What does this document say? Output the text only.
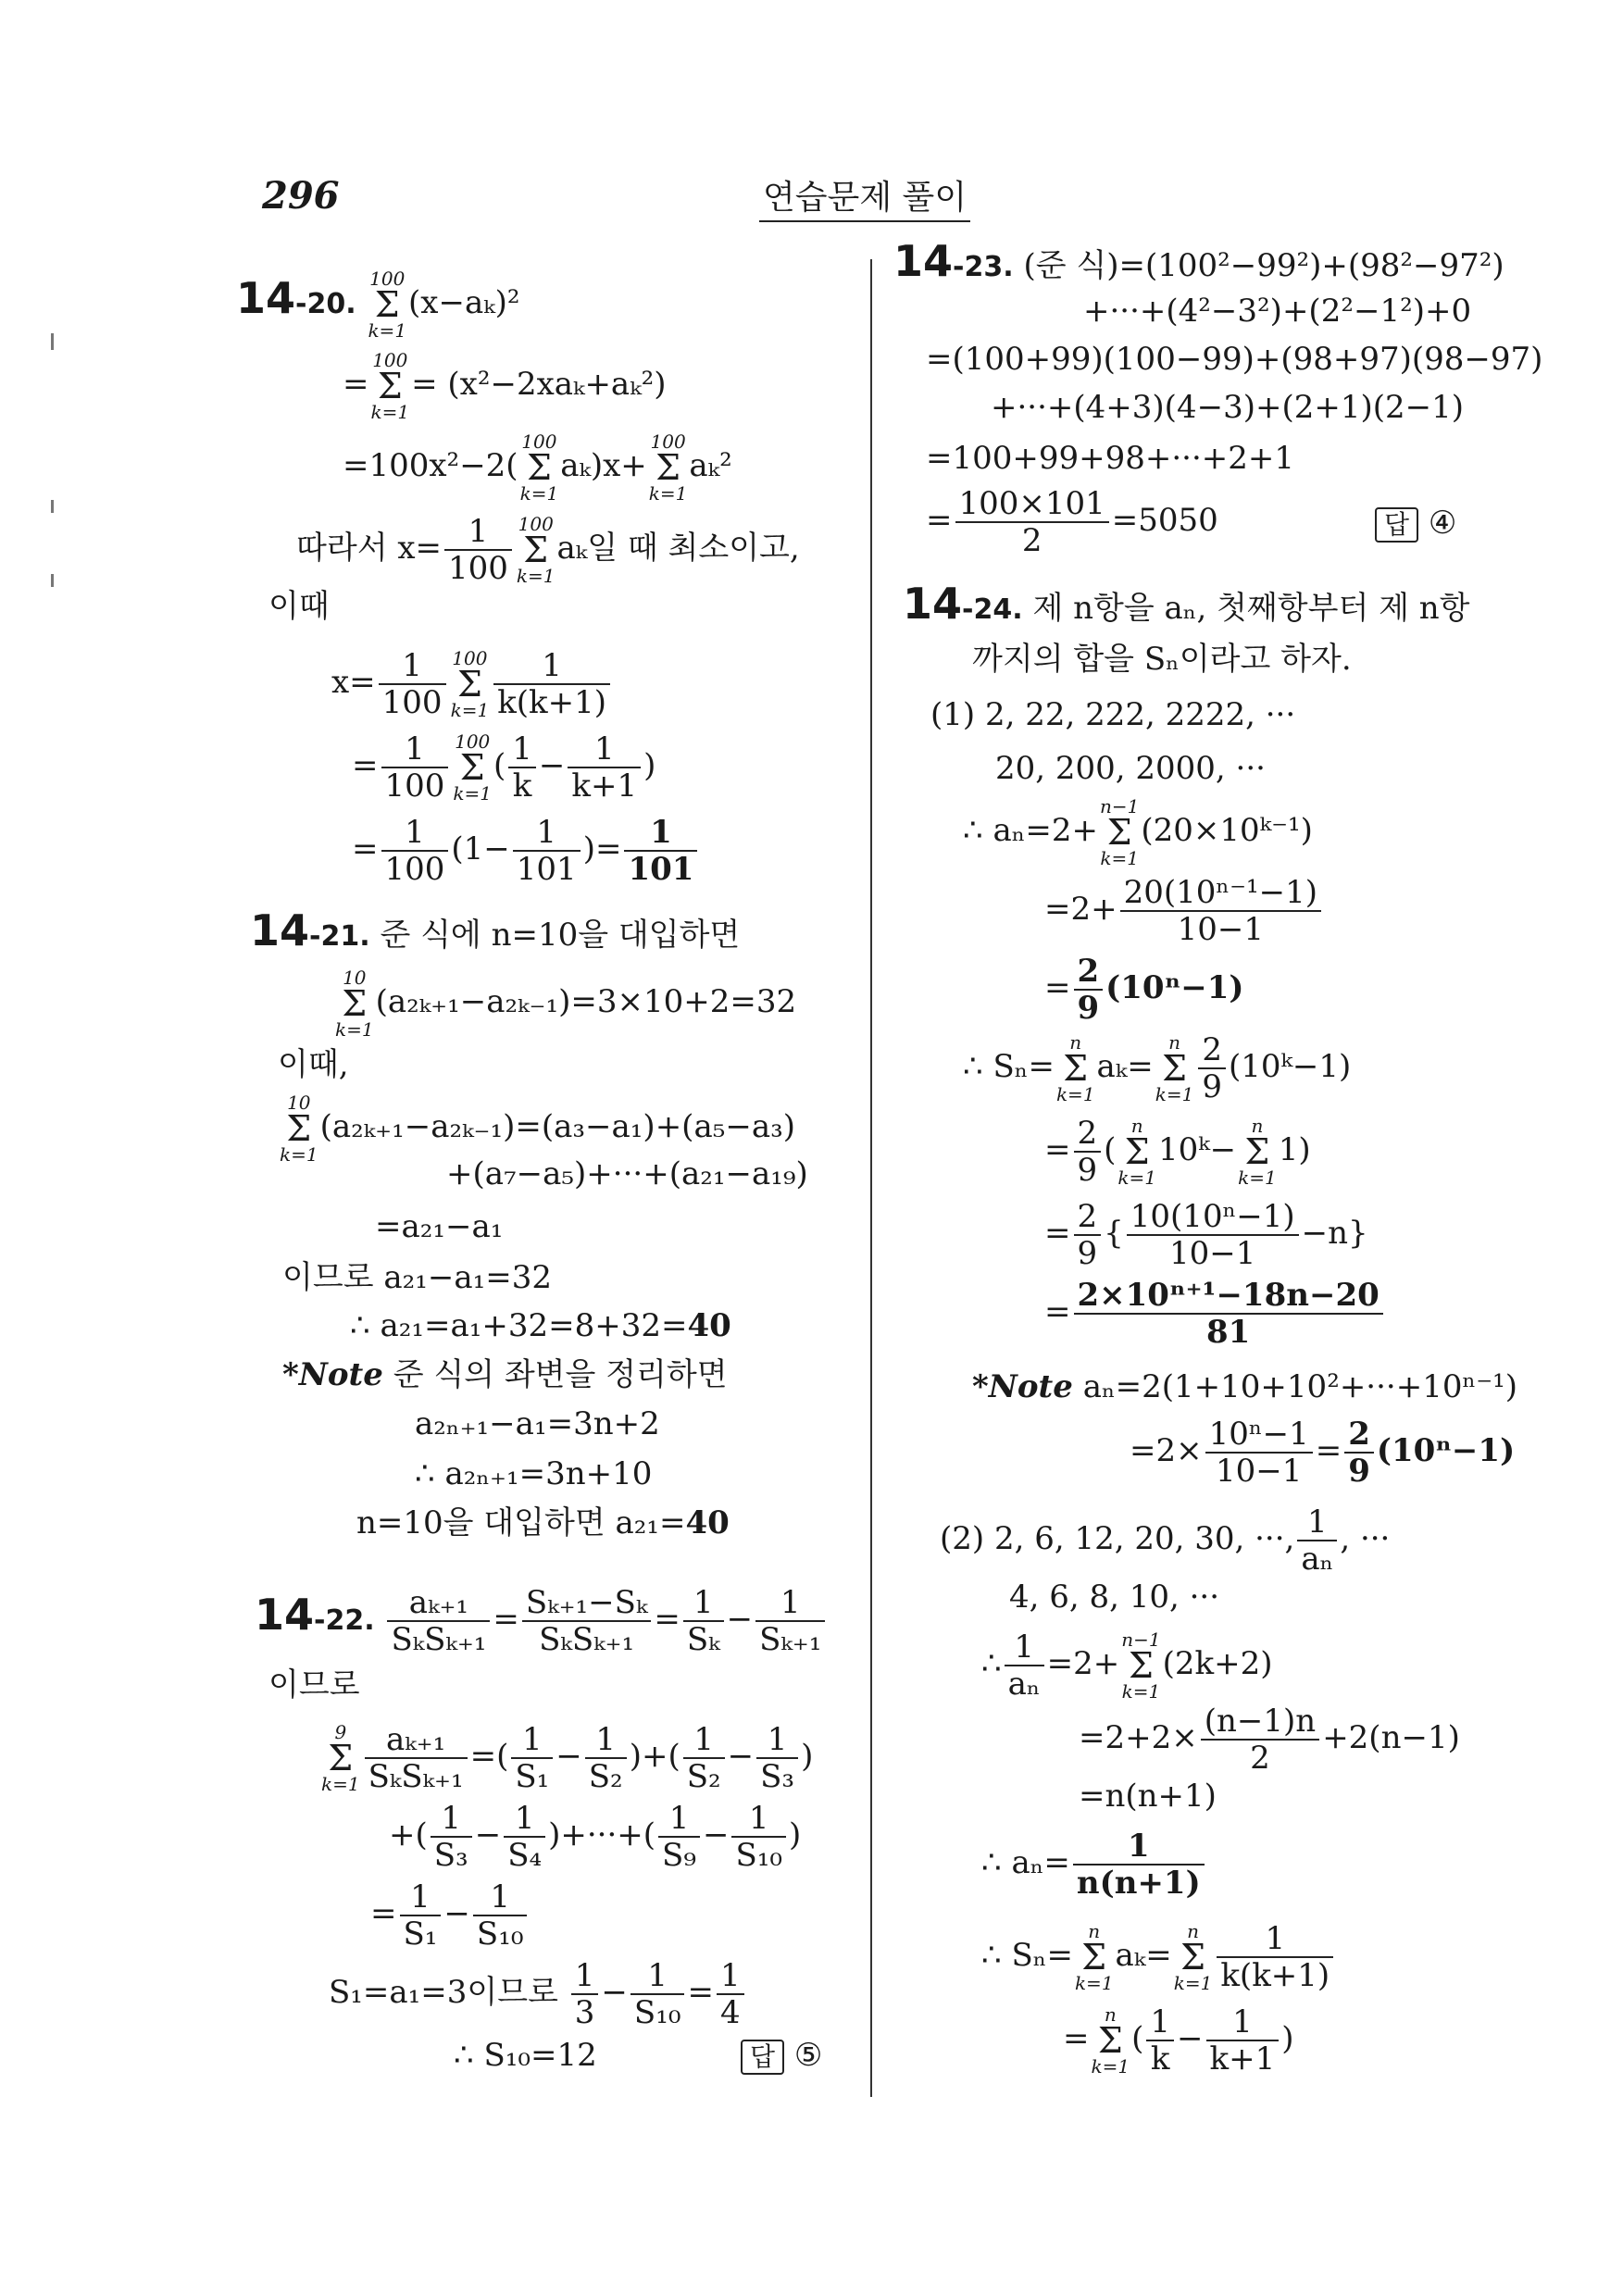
296	연습문제 풀이
14-20.
100
Σ
k=1
(x−aₖ)²
=
100
Σ
k=1
= (x²−2xaₖ+aₖ²)
=100x²−2(
100
Σ
k=1
aₖ)x+
100
Σ
k=1
aₖ²
따라서 $x= \frac{1}{100} 100$
Σ
k=1
aₖ일 때 최소이고,
이때
$x= \frac{1}{100} 100$
Σ
$k=1 \frac{1}{k(k+1)}$
= $\frac{1}{100} 100$
Σ
k=1
( $\frac{1}{k} - \frac{1}{k+1}$ )
= $\frac{1}{100} (1- \frac{1}{101}$ )= $\frac{1}{101}$
14-21. 준 식에 n=10을 대입하면
10
Σ
k=1
(a₂ₖ₊₁−a₂ₖ₋₁)=3×10+2=32
이때,
10
Σ
k=1
(a₂ₖ₊₁−a₂ₖ₋₁)=(a₃−a₁)+(a₅−a₃)
+(a₇−a₅)+···+(a₂₁−a₁₉)
=a₂₁−a₁
이므로 a₂₁−a₁=32
∴ a₂₁=a₁+32=8+32=40
*Note 준 식의 좌변을 정리하면
a₂ₙ₊₁−a₁=3n+2
∴ a₂ₙ₊₁=3n+10
n=10을 대입하면 a₂₁=40
14-22. $\frac{\text{aₖ₊₁}}{\text{SₖSₖ₊₁}} = \frac{\text{Sₖ₊₁−Sₖ}}{\text{SₖSₖ₊₁}} = \frac{1}{\text{Sₖ}} - \frac{1}{\text{Sₖ₊₁}}$
이므로
9
Σ
$k=1 \frac{\text{aₖ₊₁}}{\text{SₖSₖ₊₁}}$ =( $\frac{1}{\text{S₁}} - \frac{1}{\text{S₂}}$ )+( $\frac{1}{\text{S₂}} - \frac{1}{\text{S₃}}$ )
+( $\frac{1}{\text{S₃}} - \frac{1}{\text{S₄}}$ )+···+( $\frac{1}{\text{S₉}} - \frac{1}{\text{S₁₀}}$ )
= $\frac{1}{\text{S₁}} - \frac{1}{\text{S₁₀}}$
S₁=a₁=3이므로 $\frac{1}{3} - \frac{1}{\text{S₁₀}} = \frac{1}{4}$
∴ S₁₀=12	답 ⑤
14-23. (준 식)=(100²−99²)+(98²−97²)
+···+(4²−3²)+(2²−1²)+0
=(100+99)(100−99)+(98+97)(98−97)
+···+(4+3)(4−3)+(2+1)(2−1)
=100+99+98+···+2+1
= $\frac{100\times 101}{2} =5050$	답 ④
14-24. 제 n항을 aₙ, 첫째항부터 제 n항
까지의 합을 Sₙ이라고 하자.
(1) 2, 22, 222, 2222, ···
20, 200, 2000, ···
∴ aₙ=2+
n−1
Σ
k=1
(20×10ᵏ⁻¹)
$=2+ \frac{\text{20(10ⁿ⁻¹−1)}}{10-1}$
= $\frac{2}{9} (10^n-1)$
∴ Sₙ=
n
Σ
k=1
aₖ=
n
Σ
$k=1 \frac{2}{9}$ (10ᵏ−1)
= $\frac{2}{9}$ (
n
Σ
k=1
10ᵏ−
n
Σ
k=1
1)
= $\frac{2}{9}$ { $\frac{\text{10(10ⁿ−1)}}{10-1} -n$}
= $\frac{\text{2×10ⁿ⁺¹−18n−20}}{81}$
*Note aₙ=2(1+10+10²+···+10ⁿ⁻¹)
$=2\times \frac{\text{10ⁿ−1}}{10-1} = \frac{2}{9} (10^n-1)$
(2) 2, 6, 12, 20, 30, ···, $\frac{1}{\text{aₙ}}$ , ···
4, 6, 8, 10, ···
∴ $\frac{1}{\text{aₙ}} =2+$
n−1
Σ
k=1
(2k+2)
$=2+2\times \frac{(n-1)n}{2} +2(n-1)$
=n(n+1)
∴ $a_n= \frac{1}{n(n+1)}$
∴ Sₙ=
n
Σ
k=1
aₖ=
n
Σ
$k=1 \frac{1}{k(k+1)}$
=
n
Σ
k=1
( $\frac{1}{k} - \frac{1}{k+1}$ )
